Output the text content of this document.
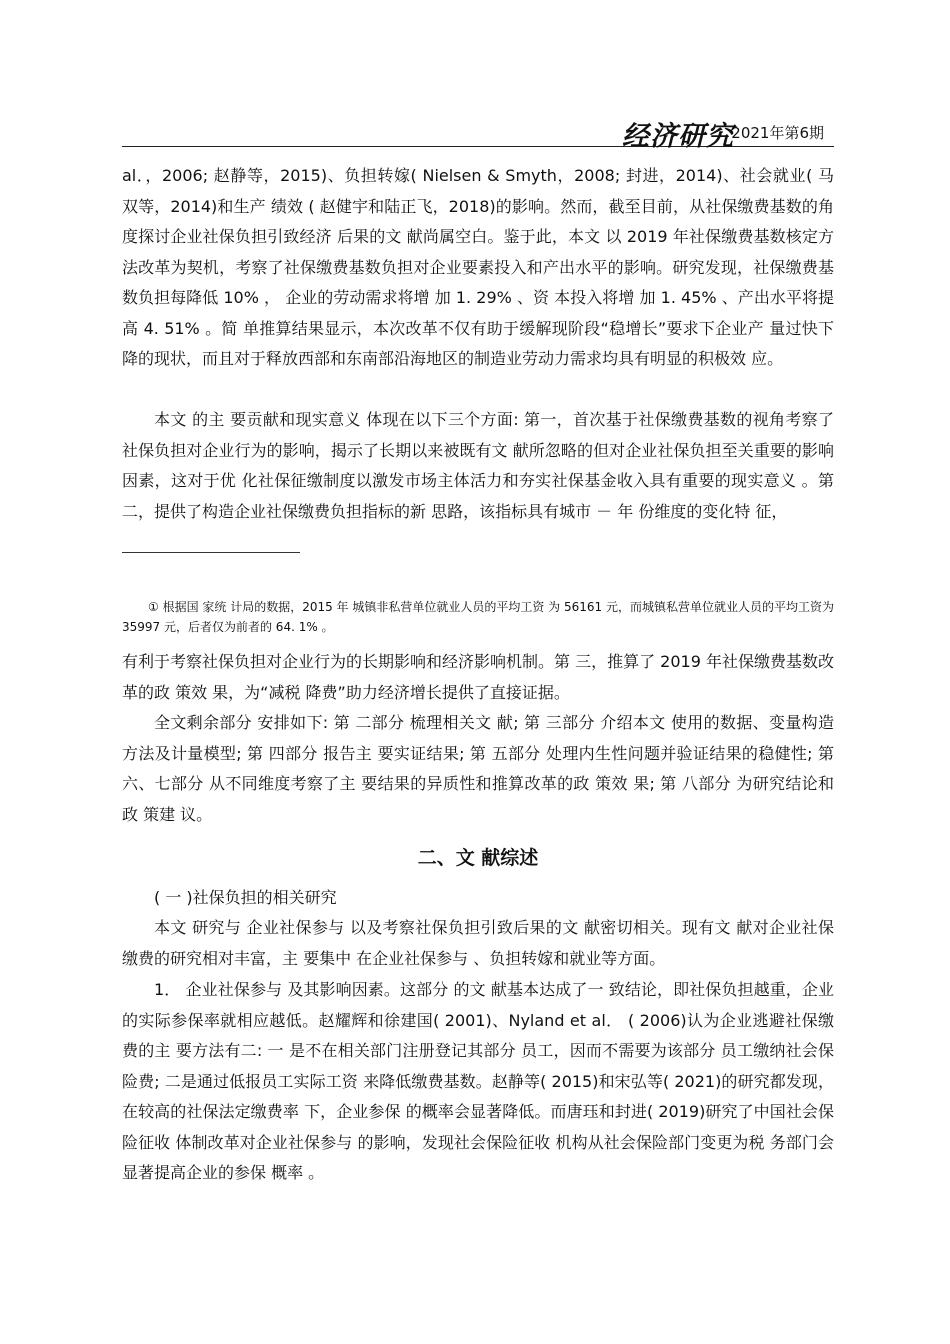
经济研究
2021年第6期

al．，2006; 赵静等，2015)、负担转嫁( Nielsen & Smyth，2008; 封进，2014)、社会就业( 马 双等，2014)和生产 绩效 ( 赵健宇和陆正飞，2018)的影响。然而，截至目前，从社保缴费基数的角度探讨企业社保负担引致经济 后果的文 献尚属空白。鉴于此，本文 以 2019 年社保缴费基数核定方法改革为契机，考察了社保缴费基数负担对企业要素投入和产出水平的影响。研究发现，社保缴费基数负担每降低 10% ， 企业的劳动需求将增 加 1. 29% 、资 本投入将增 加 1. 45% 、产出水平将提高 4. 51% 。简 单推算结果显示，本次改革不仅有助于缓解现阶段“稳增长”要求下企业产 量过快下降的现状，而且对于释放西部和东南部沿海地区的制造业劳动力需求均具有明显的积极效 应。

本文 的主 要贡献和现实意义 体现在以下三个方面: 第一，首次基于社保缴费基数的视角考察了社保负担对企业行为的影响，揭示了长期以来被既有文 献所忽略的但对企业社保负担至关重要的影响因素，这对于优 化社保征缴制度以激发市场主体活力和夯实社保基金收入具有重要的现实意义 。第 二，提供了构造企业社保缴费负担指标的新 思路，该指标具有城市 － 年 份维度的变化特 征，

① 根据国 家统 计局的数据，2015 年 城镇非私营单位就业人员的平均工资 为 56161 元，而城镇私营单位就业人员的平均工资为 35997 元，后者仅为前者的 64. 1% 。

有利于考察社保负担对企业行为的长期影响和经济影响机制。第 三，推算了 2019 年社保缴费基数改革的政 策效 果，为“减税 降费”助力经济增长提供了直接证据。

全文剩余部分 安排如下: 第 二部分 梳理相关文 献; 第 三部分 介绍本文 使用的数据、变量构造方法及计量模型; 第 四部分 报告主 要实证结果; 第 五部分 处理内生性问题并验证结果的稳健性; 第 六、七部分 从不同维度考察了主 要结果的异质性和推算改革的政 策效 果; 第 八部分 为研究结论和政 策建 议。

二、文 献综述

( 一 )社保负担的相关研究

本文 研究与 企业社保参与 以及考察社保负担引致后果的文 献密切相关。现有文 献对企业社保缴费的研究相对丰富，主 要集中 在企业社保参与 、负担转嫁和就业等方面。

1． 企业社保参与 及其影响因素。这部分 的文 献基本达成了一 致结论，即社保负担越重，企业的实际参保率就相应越低。赵耀辉和徐建国( 2001)、Nyland et al． ( 2006)认为企业逃避社保缴费的主 要方法有二: 一 是不在相关部门注册登记其部分 员工，因而不需要为该部分 员工缴纳社会保险费; 二是通过低报员工实际工资 来降低缴费基数。赵静等( 2015)和宋弘等( 2021)的研究都发现，在较高的社保法定缴费率 下，企业参保 的概率会显著降低。而唐珏和封进( 2019)研究了中国社会保 险征收 体制改革对企业社保参与 的影响，发现社会保险征收 机构从社会保险部门变更为税 务部门会 显著提高企业的参保 概率 。
